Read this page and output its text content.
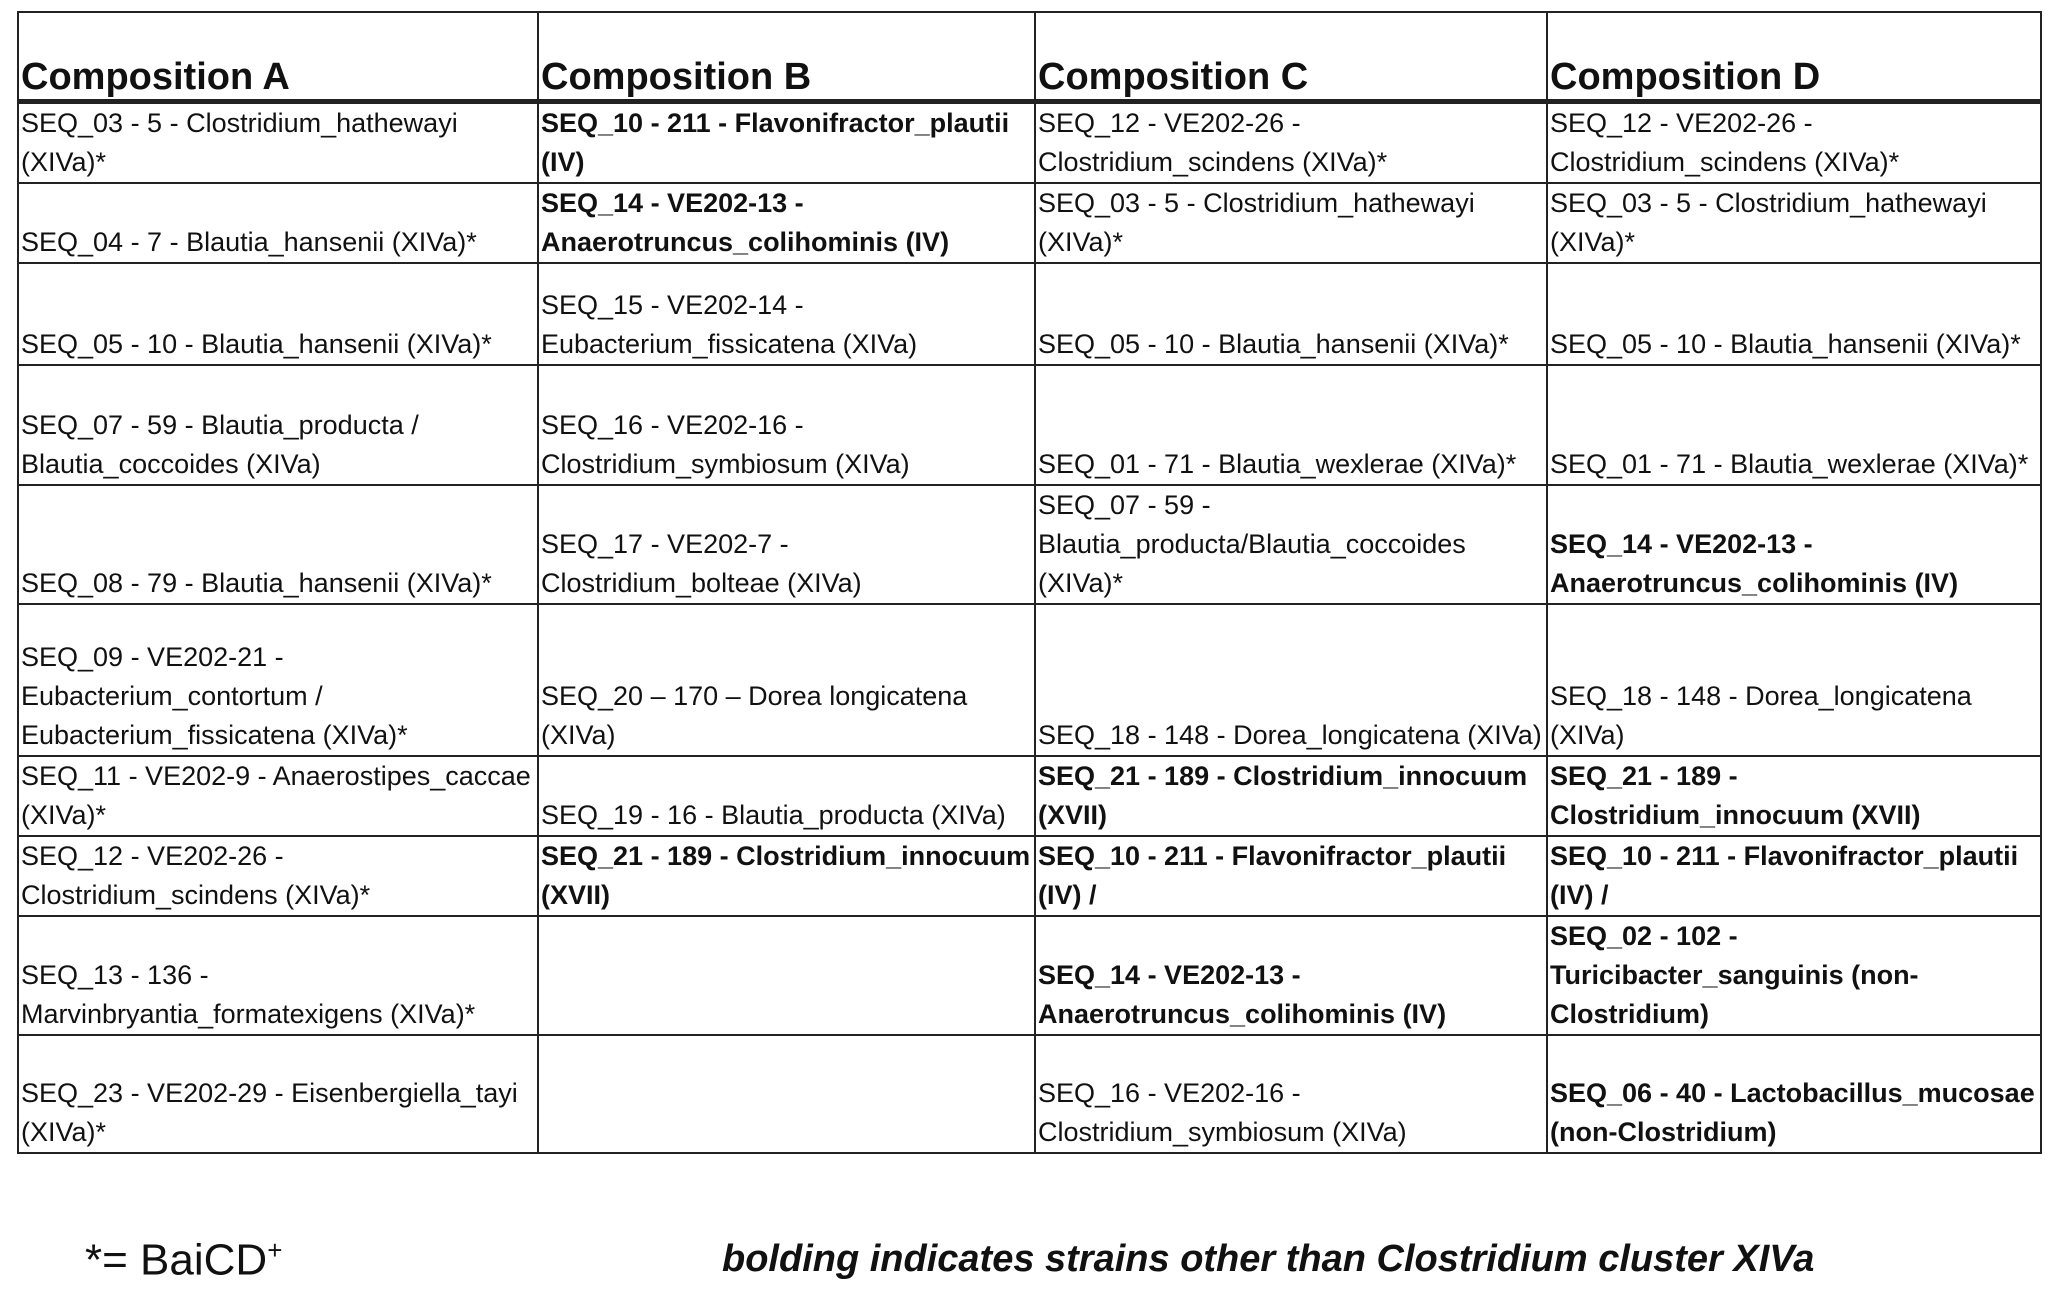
Composition A	Composition B	Composition C	Composition D
SEQ_03 - 5 - Clostridium_hathewayi (XIVa)*	SEQ_10 - 211 - Flavonifractor_plautii (IV)	SEQ_12 - VE202-26 - Clostridium_scindens (XIVa)*	SEQ_12 - VE202-26 - Clostridium_scindens (XIVa)*
SEQ_04 - 7 - Blautia_hansenii (XIVa)*	SEQ_14 - VE202-13 - Anaerotruncus_colihominis (IV)	SEQ_03 - 5 - Clostridium_hathewayi (XIVa)*	SEQ_03 - 5 - Clostridium_hathewayi (XIVa)*
SEQ_05 - 10 - Blautia_hansenii (XIVa)*	SEQ_15 - VE202-14 - Eubacterium_fissicatena (XIVa)	SEQ_05 - 10 - Blautia_hansenii (XIVa)*	SEQ_05 - 10 - Blautia_hansenii (XIVa)*
SEQ_07 - 59 - Blautia_producta / Blautia_coccoides (XIVa)	SEQ_16 - VE202-16 - Clostridium_symbiosum (XIVa)	SEQ_01 - 71 - Blautia_wexlerae (XIVa)*	SEQ_01 - 71 - Blautia_wexlerae (XIVa)*
SEQ_08 - 79 - Blautia_hansenii (XIVa)*	SEQ_17 - VE202-7 - Clostridium_bolteae (XIVa)	SEQ_07 - 59 - Blautia_producta/Blautia_coccoides (XIVa)*	SEQ_14 - VE202-13 - Anaerotruncus_colihominis (IV)
SEQ_09 - VE202-21 - Eubacterium_contortum / Eubacterium_fissicatena (XIVa)*	SEQ_20 – 170 – Dorea longicatena (XIVa)	SEQ_18 - 148 - Dorea_longicatena (XIVa)	SEQ_18 - 148 - Dorea_longicatena (XIVa)
SEQ_11 - VE202-9 - Anaerostipes_caccae (XIVa)*	SEQ_19 - 16 - Blautia_producta (XIVa)	SEQ_21 - 189 - Clostridium_innocuum (XVII)	SEQ_21 - 189 - Clostridium_innocuum (XVII)
SEQ_12 - VE202-26 - Clostridium_scindens (XIVa)*	SEQ_21 - 189 - Clostridium_innocuum (XVII)	SEQ_10 - 211 - Flavonifractor_plautii (IV) /	SEQ_10 - 211 - Flavonifractor_plautii (IV) /
SEQ_13 - 136 - Marvinbryantia_formatexigens (XIVa)*		SEQ_14 - VE202-13 - Anaerotruncus_colihominis (IV)	SEQ_02 - 102 - Turicibacter_sanguinis (non-Clostridium)
SEQ_23 - VE202-29 - Eisenbergiella_tayi (XIVa)*		SEQ_16 - VE202-16 - Clostridium_symbiosum (XIVa)	SEQ_06 - 40 - Lactobacillus_mucosae (non-Clostridium)
*= BaiCD+	bolding indicates strains other than Clostridium cluster XIVa
